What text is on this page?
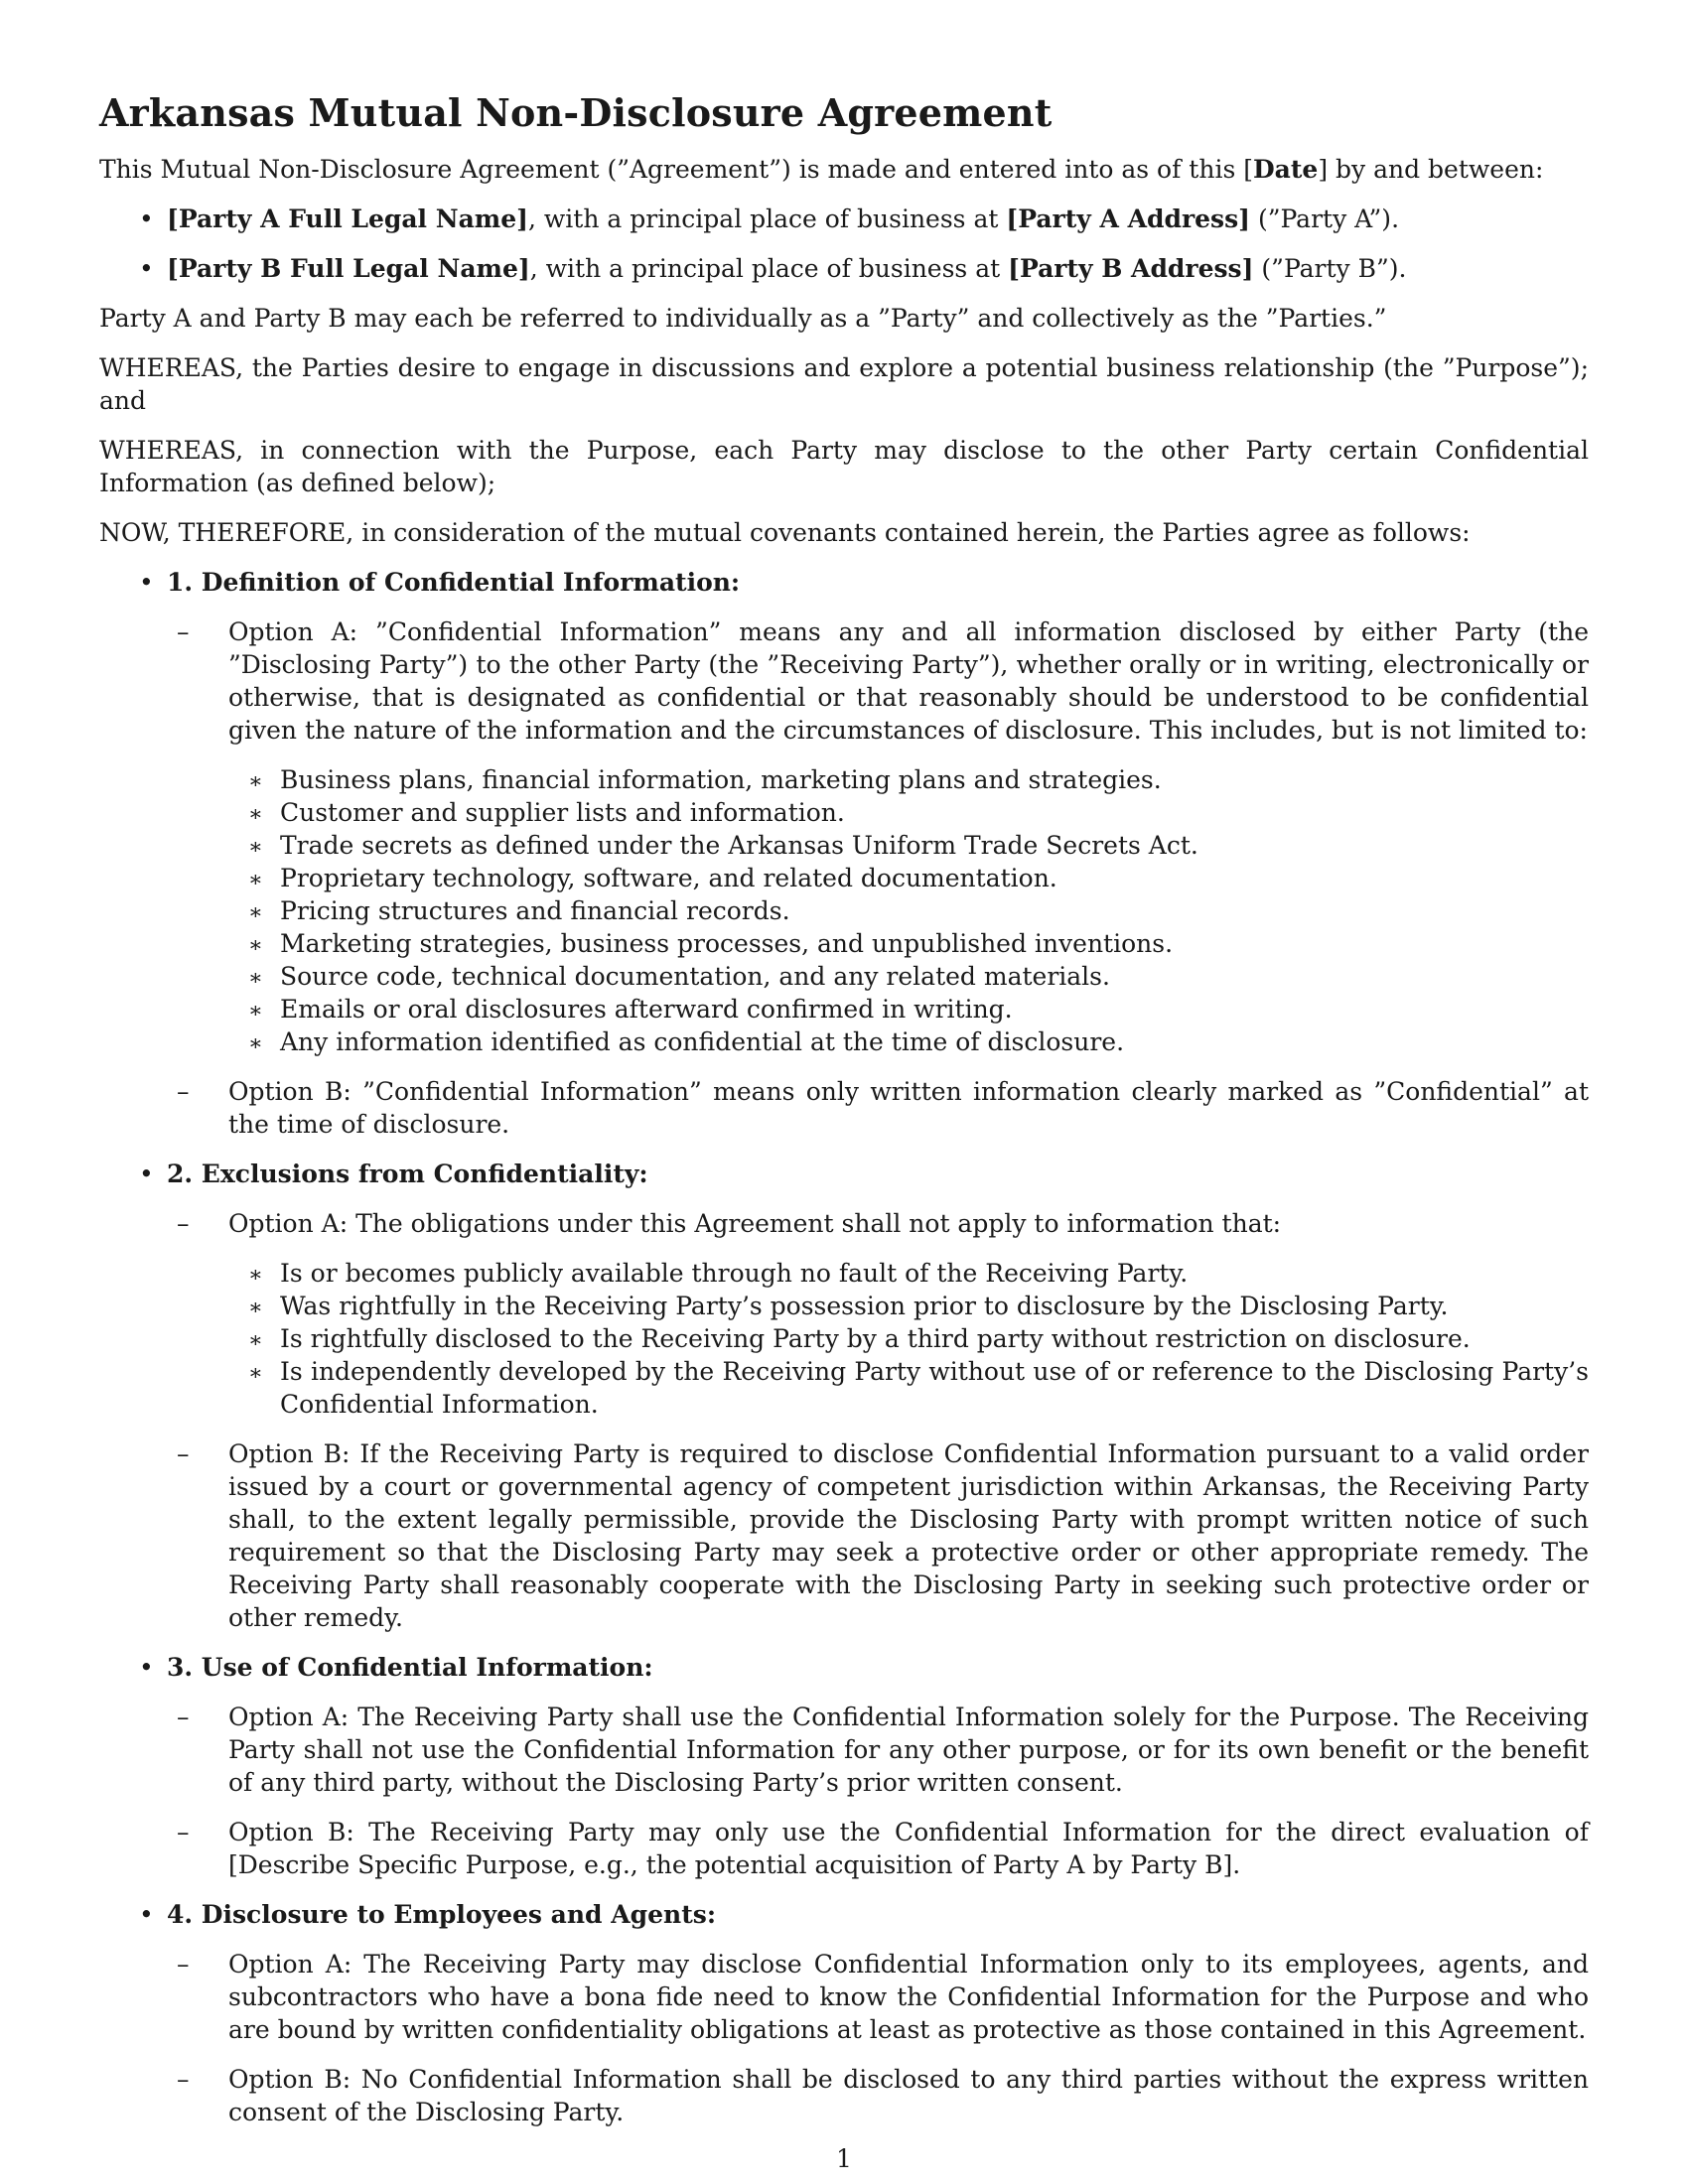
Arkansas Mutual Non-Disclosure Agreement

This Mutual Non-Disclosure Agreement (”Agreement”) is made and entered into as of this [Date] by and between:

• [Party A Full Legal Name], with a principal place of business at [Party A Address] (”Party A”).
• [Party B Full Legal Name], with a principal place of business at [Party B Address] (”Party B”).

Party A and Party B may each be referred to individually as a ”Party” and collectively as the ”Parties.”

WHEREAS, the Parties desire to engage in discussions and explore a potential business relationship (the ”Purpose”); and

WHEREAS, in connection with the Purpose, each Party may disclose to the other Party certain Confidential Information (as defined below);

NOW, THEREFORE, in consideration of the mutual covenants contained herein, the Parties agree as follows:

• 1. Definition of Confidential Information:
– Option A: ”Confidential Information” means any and all information disclosed by either Party (the ”Disclosing Party”) to the other Party (the ”Receiving Party”), whether orally or in writing, electronically or otherwise, that is designated as confidential or that reasonably should be understood to be confidential given the nature of the information and the circumstances of disclosure. This includes, but is not limited to:
∗ Business plans, financial information, marketing plans and strategies.
∗ Customer and supplier lists and information.
∗ Trade secrets as defined under the Arkansas Uniform Trade Secrets Act.
∗ Proprietary technology, software, and related documentation.
∗ Pricing structures and financial records.
∗ Marketing strategies, business processes, and unpublished inventions.
∗ Source code, technical documentation, and any related materials.
∗ Emails or oral disclosures afterward confirmed in writing.
∗ Any information identified as confidential at the time of disclosure.
– Option B: ”Confidential Information” means only written information clearly marked as ”Confidential” at the time of disclosure.
• 2. Exclusions from Confidentiality:
– Option A: The obligations under this Agreement shall not apply to information that:
∗ Is or becomes publicly available through no fault of the Receiving Party.
∗ Was rightfully in the Receiving Party’s possession prior to disclosure by the Disclosing Party.
∗ Is rightfully disclosed to the Receiving Party by a third party without restriction on disclosure.
∗ Is independently developed by the Receiving Party without use of or reference to the Disclosing Party’s Confidential Information.
– Option B: If the Receiving Party is required to disclose Confidential Information pursuant to a valid order issued by a court or governmental agency of competent jurisdiction within Arkansas, the Receiving Party shall, to the extent legally permissible, provide the Disclosing Party with prompt written notice of such requirement so that the Disclosing Party may seek a protective order or other appropriate remedy. The Receiving Party shall reasonably cooperate with the Disclosing Party in seeking such protective order or other remedy.
• 3. Use of Confidential Information:
– Option A: The Receiving Party shall use the Confidential Information solely for the Purpose. The Receiving Party shall not use the Confidential Information for any other purpose, or for its own benefit or the benefit of any third party, without the Disclosing Party’s prior written consent.
– Option B: The Receiving Party may only use the Confidential Information for the direct evaluation of [Describe Specific Purpose, e.g., the potential acquisition of Party A by Party B].
• 4. Disclosure to Employees and Agents:
– Option A: The Receiving Party may disclose Confidential Information only to its employees, agents, and subcontractors who have a bona fide need to know the Confidential Information for the Purpose and who are bound by written confidentiality obligations at least as protective as those contained in this Agreement.
– Option B: No Confidential Information shall be disclosed to any third parties without the express written consent of the Disclosing Party.
1
